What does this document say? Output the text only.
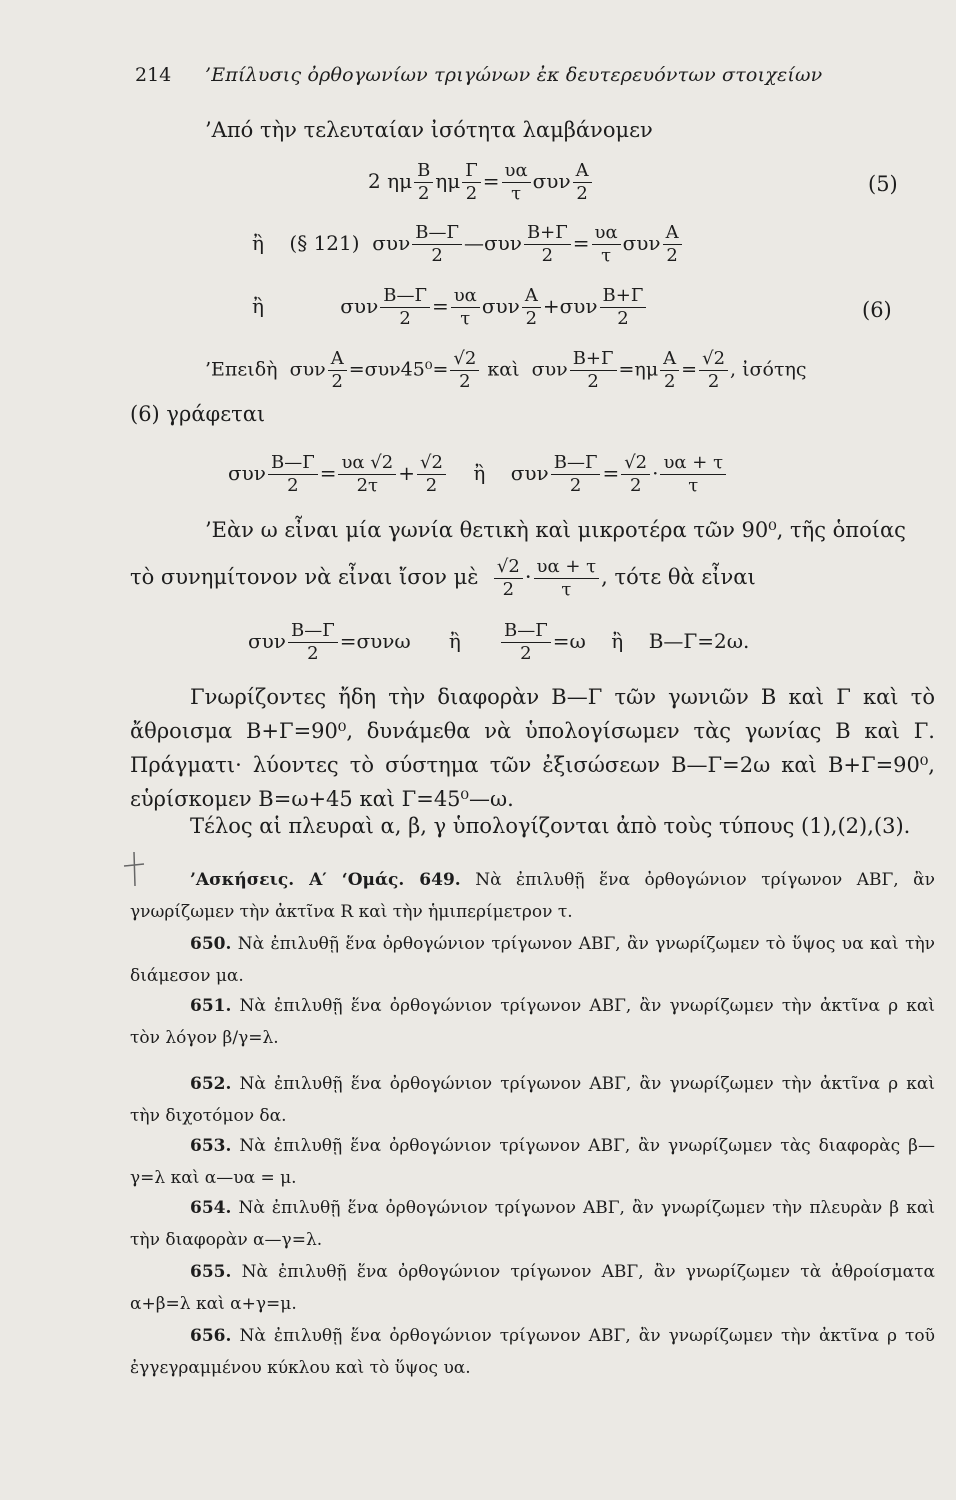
214 ’Επίλυσις ὀρθογωνίων τριγώνων ἐκ δευτερευόντων στοιχείων
’Από τὴν τελευταίαν ἰσότητα λαμβάνομεν
2 ημ $\frac{B}{2}$ ημ $\frac{\Gamma}{2} = \frac{\upsilon\alpha}{\tau}$ συν $\frac{A}{2}$	(5)
ἢ (§ 121) συν $\frac{B—\Gamma}{2}$ —συν $\frac{B+\Gamma}{2} = \frac{\upsilon\alpha}{\tau}$ συν $\frac{A}{2}$
ἢ	συν $\frac{B—\Gamma}{2} = \frac{\upsilon\alpha}{\tau}$ συν $\frac{A}{2} +\sigma\upsilon\nu \frac{B+\Gamma}{2}$	(6)
’Επειδὴ συν $\frac{A}{2} =\sigma\upsilon\nu 45^0= \frac{√2}{2}$ καὶ συν $\frac{B+\Gamma}{2} =\eta\mu \frac{A}{2} = \frac{√2}{2}$ , ἰσότης
(6) γράφεται
συν $\frac{B—\Gamma}{2} = \frac{\upsilon\alpha √2}{2\tau} + \frac{√2}{2}$ ἢ συν $\frac{B—\Gamma}{2} = \frac{√2}{2} \cdot \frac{\upsilon\alpha + \tau}{\tau}$
’Εὰν ω εἶναι μία γωνία θετικὴ καὶ μικροτέρα τῶν 90⁰, τῆς ὁποίας
τὸ συνημίτονον νὰ εἶναι ἴσον μὲ $\frac{√2}{2} \cdot \frac{\upsilon\alpha + \tau}{\tau}$ , τότε θὰ εἶναι
συν $\frac{B—\Gamma}{2} =\sigma\upsilon\nu\omega$ ἢ $\frac{B—\Gamma}{2} =\omega$ ἢ Β—Γ=2ω.
Γνωρίζοντες ἤδη τὴν διαφορὰν Β—Γ τῶν γωνιῶν Β καὶ Γ καὶ τὸ ἄθροισμα Β+Γ=90⁰, δυνάμεθα νὰ ὑπολογίσωμεν τὰς γωνίας Β καὶ Γ. Πράγματι· λύοντες τὸ σύστημα τῶν ἐξισώσεων Β—Γ=2ω καὶ Β+Γ=90⁰, εὑρίσκομεν Β=ω+45 καὶ Γ=45⁰—ω.
Τέλος αἱ πλευραὶ α, β, γ ὑπολογίζονται ἀπὸ τοὺς τύπους (1),(2),(3).
’Ασκήσεις. Α′ ‘Ομάς. 649. Νὰ ἐπιλυθῇ ἕνα ὀρθογώνιον τρίγωνον ΑΒΓ, ἂν γνωρίζωμεν τὴν ἀκτῖνα R καὶ τὴν ἡμιπερίμετρον τ.
650. Νὰ ἐπιλυθῇ ἕνα ὀρθογώνιον τρίγωνον ΑΒΓ, ἂν γνωρίζωμεν τὸ ὕψος υα καὶ τὴν διάμεσον μα.
651. Νὰ ἐπιλυθῇ ἕνα ὀρθογώνιον τρίγωνον ΑΒΓ, ἂν γνωρίζωμεν τὴν ἀκτῖνα ρ καὶ τὸν λόγον β/γ=λ.
652. Νὰ ἐπιλυθῇ ἕνα ὀρθογώνιον τρίγωνον ΑΒΓ, ἂν γνωρίζωμεν τὴν ἀκτῖνα ρ καὶ τὴν διχοτόμον δα.
653. Νὰ ἐπιλυθῇ ἕνα ὀρθογώνιον τρίγωνον ΑΒΓ, ἂν γνωρίζωμεν τὰς διαφορὰς β—γ=λ καὶ α—υα = μ.
654. Νὰ ἐπιλυθῇ ἕνα ὀρθογώνιον τρίγωνον ΑΒΓ, ἂν γνωρίζωμεν τὴν πλευρὰν β καὶ τὴν διαφορὰν α—γ=λ.
655. Νὰ ἐπιλυθῇ ἕνα ὀρθογώνιον τρίγωνον ΑΒΓ, ἂν γνωρίζωμεν τὰ ἀθροίσματα α+β=λ καὶ α+γ=μ.
656. Νὰ ἐπιλυθῇ ἕνα ὀρθογώνιον τρίγωνον ΑΒΓ, ἂν γνωρίζωμεν τὴν ἀκτῖνα ρ τοῦ ἐγγεγραμμένου κύκλου καὶ τὸ ὕψος υα.
